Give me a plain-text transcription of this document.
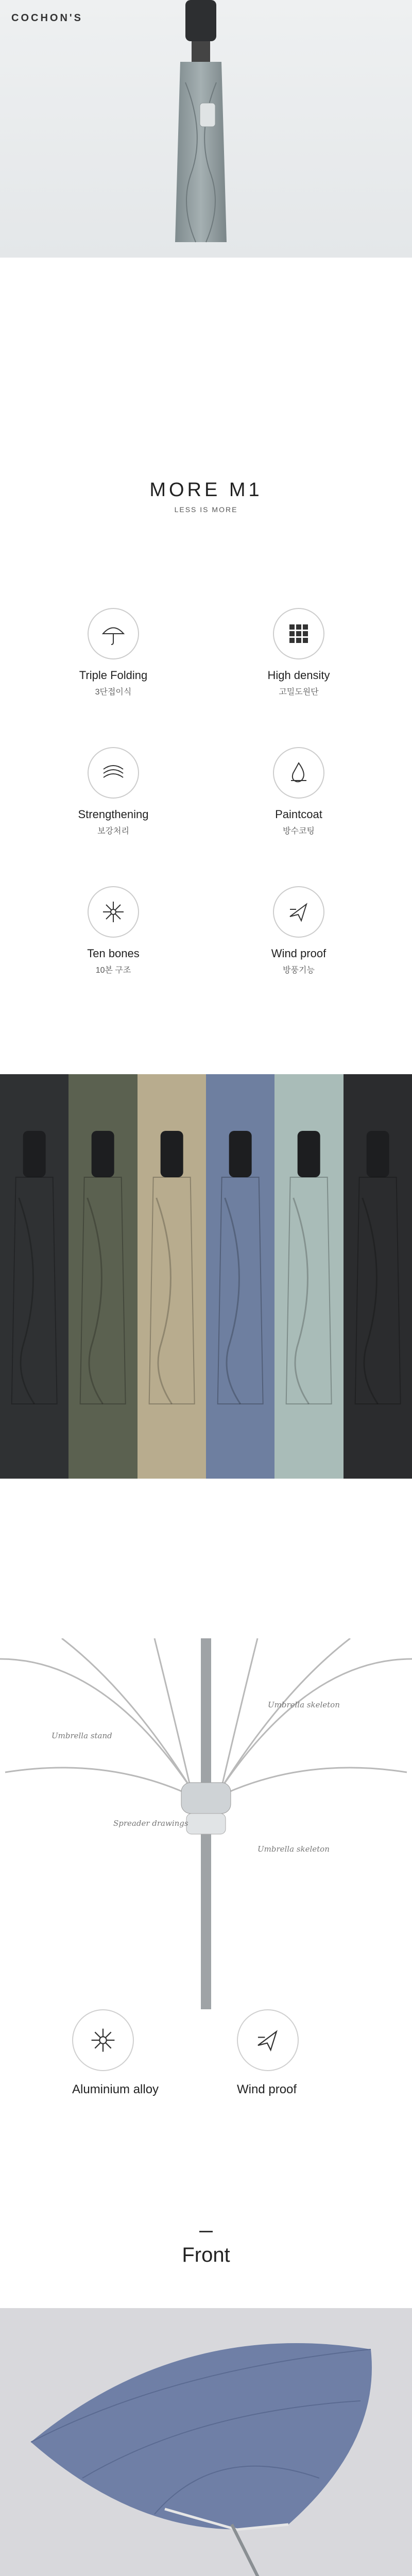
COCHON'S
MORE M1
LESS IS MORE
Triple Folding
3단접이식
High density
고밀도원단
Strengthening
보강처리
Paintcoat
방수코팅
Ten bones
10본 구조
Wind proof
방풍기능
Umbrella stand
Umbrella skeleton
Spreader drawings
Umbrella skeleton
Aluminium alloy	Wind proof
Front
